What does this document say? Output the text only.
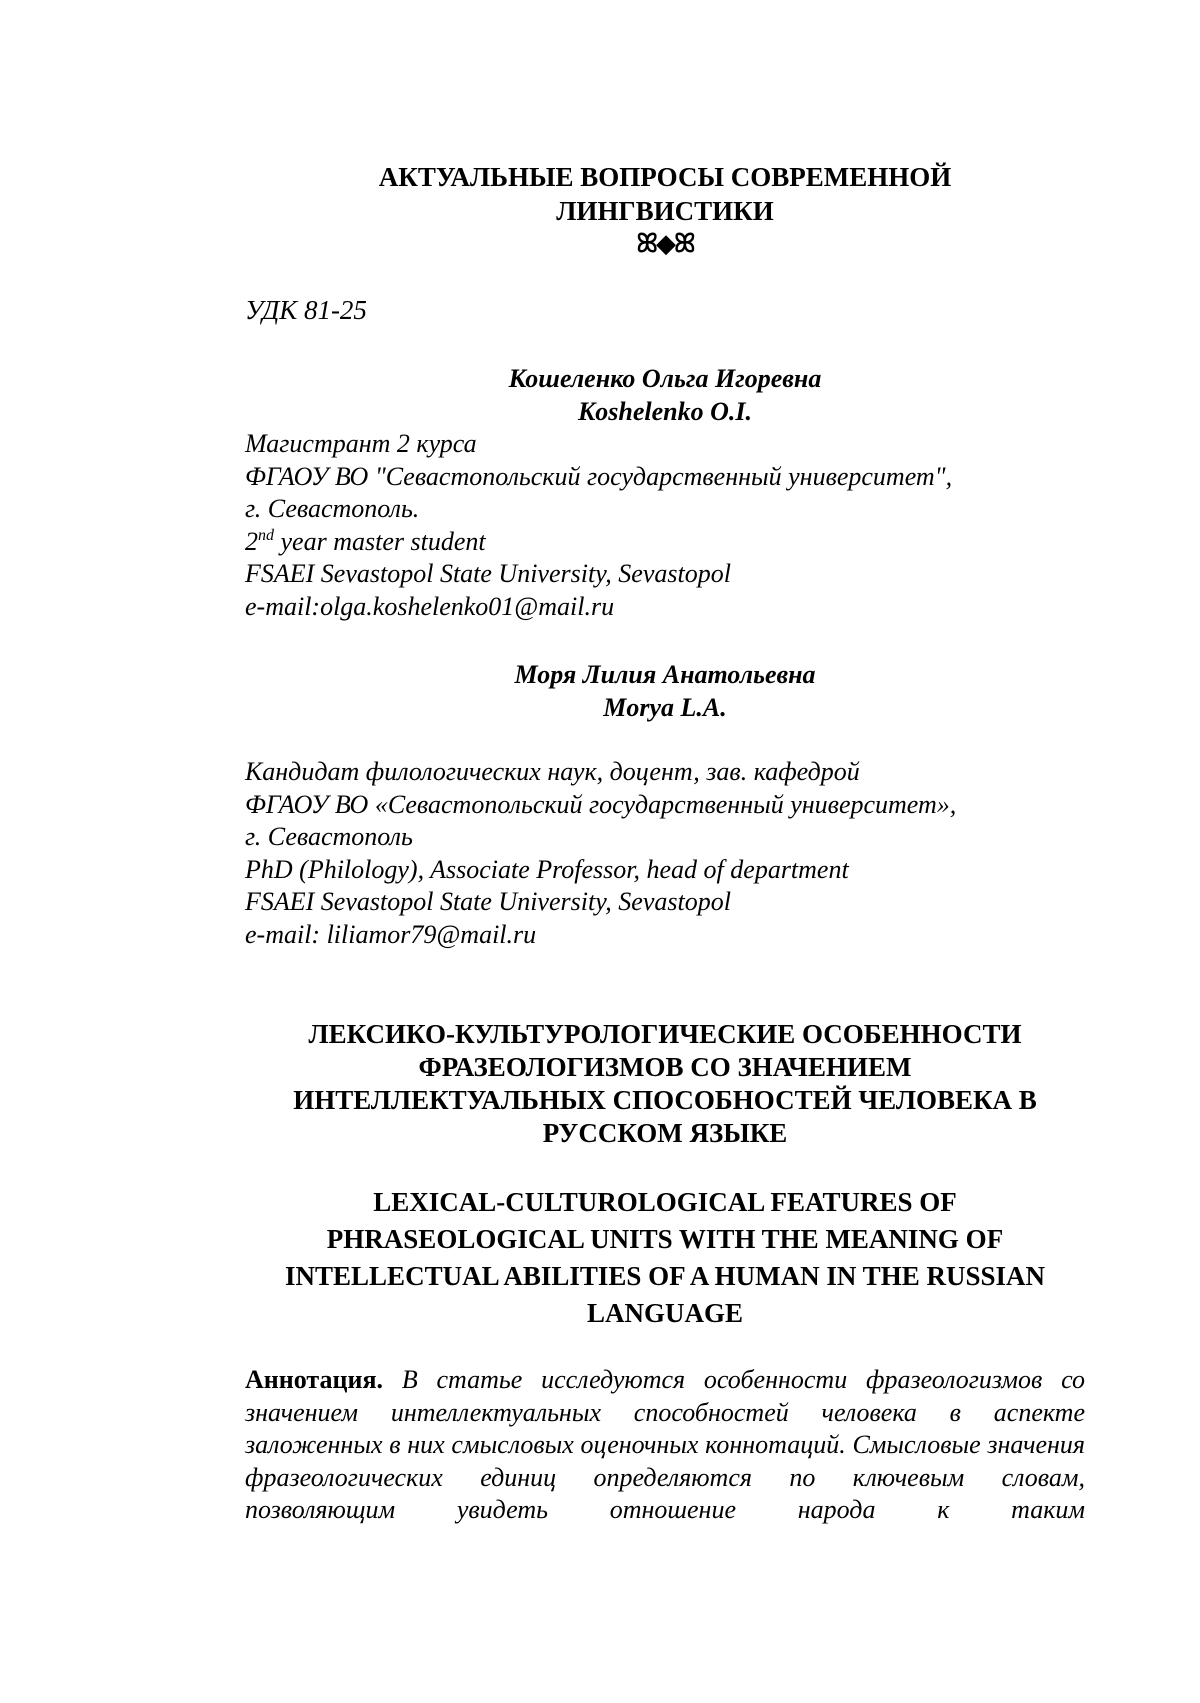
АКТУАЛЬНЫЕ ВОПРОСЫ СОВРЕМЕННОЙ
ЛИНГВИСТИКИ
ꕤ◆ꕤ
УДК 81-25
Кошеленко Ольга Игоревна
Koshelenko O.I.
Магистрант 2 курса
ФГАОУ ВО "Севастопольский государственный университет",
г. Севастополь.
2nd year master student
FSAEI Sevastopol State University, Sevastopol
e-mail:olga.koshelenko01@mail.ru
Моря Лилия Анатольевна
Morya L.A.
Кандидат филологических наук, доцент, зав. кафедрой
ФГАОУ ВО «Севастопольский государственный университет»,
г. Севастополь
PhD (Philology), Associate Professor, head of department
FSAEI Sevastopol State University, Sevastopol
e-mail: liliamor79@mail.ru
ЛЕКСИКО-КУЛЬТУРОЛОГИЧЕСКИЕ ОСОБЕННОСТИ
ФРАЗЕОЛОГИЗМОВ СО ЗНАЧЕНИЕМ
ИНТЕЛЛЕКТУАЛЬНЫХ СПОСОБНОСТЕЙ ЧЕЛОВЕКА В
РУССКОМ ЯЗЫКЕ
LEXICAL-CULTUROLOGICAL FEATURES OF
PHRASEOLOGICAL UNITS WITH THE MEANING OF
INTELLECTUAL ABILITIES OF A HUMAN IN THE RUSSIAN
LANGUAGE
Аннотация. В статье исследуются особенности фразеологизмов со значением интеллектуальных способностей человека в аспекте заложенных в них смысловых оценочных коннотаций. Смысловые значения фразеологических единиц определяются по ключевым словам, позволяющим увидеть отношение народа к таким
